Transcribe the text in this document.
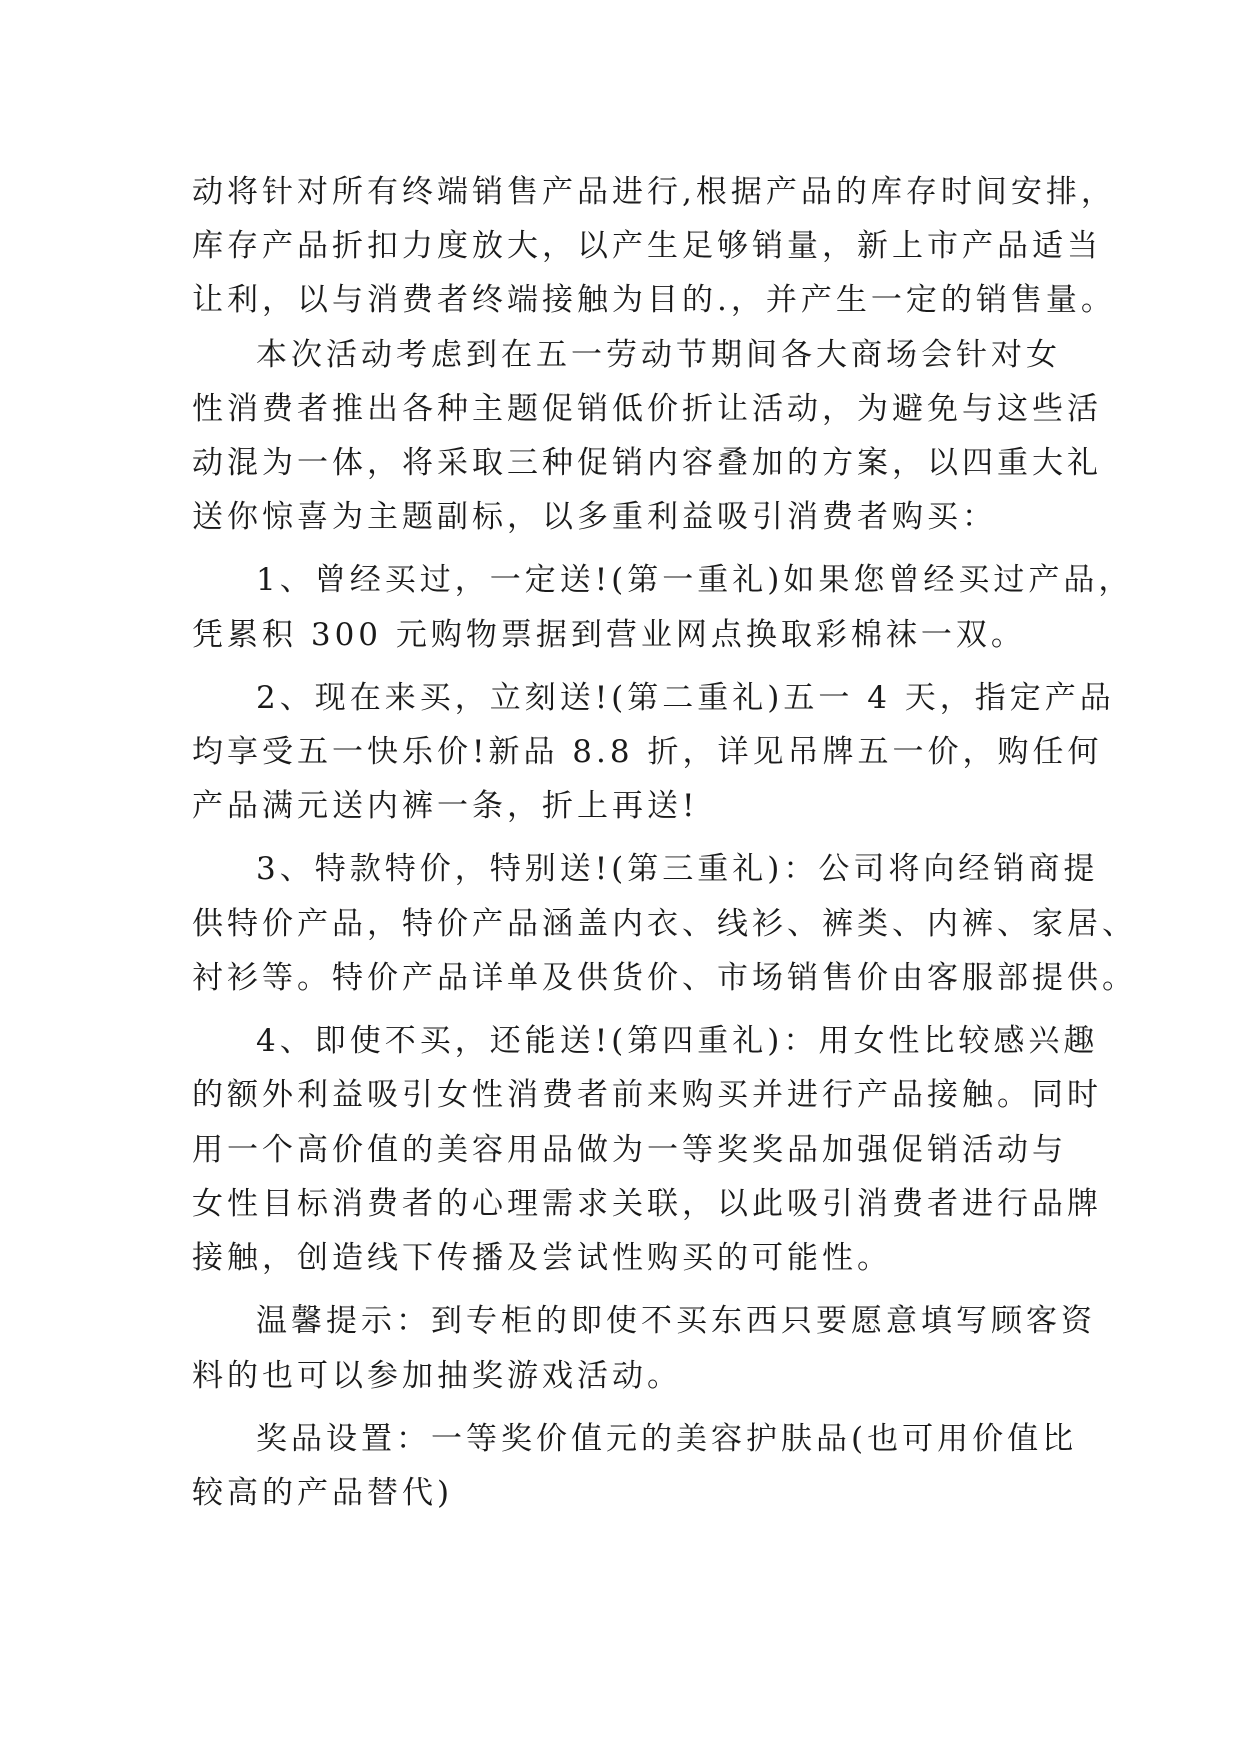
动将针对所有终端销售产品进行,根据产品的库存时间安排，

库存产品折扣力度放大，以产生足够销量，新上市产品适当

让利，以与消费者终端接触为目的.，并产生一定的销售量。

本次活动考虑到在五一劳动节期间各大商场会针对女

性消费者推出各种主题促销低价折让活动，为避免与这些活

动混为一体，将采取三种促销内容叠加的方案，以四重大礼

送你惊喜为主题副标，以多重利益吸引消费者购买：

1、曾经买过，一定送!(第一重礼)如果您曾经买过产品，

凭累积 300 元购物票据到营业网点换取彩棉袜一双。

2、现在来买，立刻送!(第二重礼)五一 4 天，指定产品

均享受五一快乐价!新品 8.8 折，详见吊牌五一价，购任何

产品满元送内裤一条，折上再送!

3、特款特价，特别送!(第三重礼)：公司将向经销商提

供特价产品，特价产品涵盖内衣、线衫、裤类、内裤、家居、

衬衫等。特价产品详单及供货价、市场销售价由客服部提供。

4、即使不买，还能送!(第四重礼)：用女性比较感兴趣

的额外利益吸引女性消费者前来购买并进行产品接触。同时

用一个高价值的美容用品做为一等奖奖品加强促销活动与

女性目标消费者的心理需求关联，以此吸引消费者进行品牌

接触，创造线下传播及尝试性购买的可能性。

温馨提示：到专柜的即使不买东西只要愿意填写顾客资

料的也可以参加抽奖游戏活动。

奖品设置：一等奖价值元的美容护肤品(也可用价值比

较高的产品替代)
